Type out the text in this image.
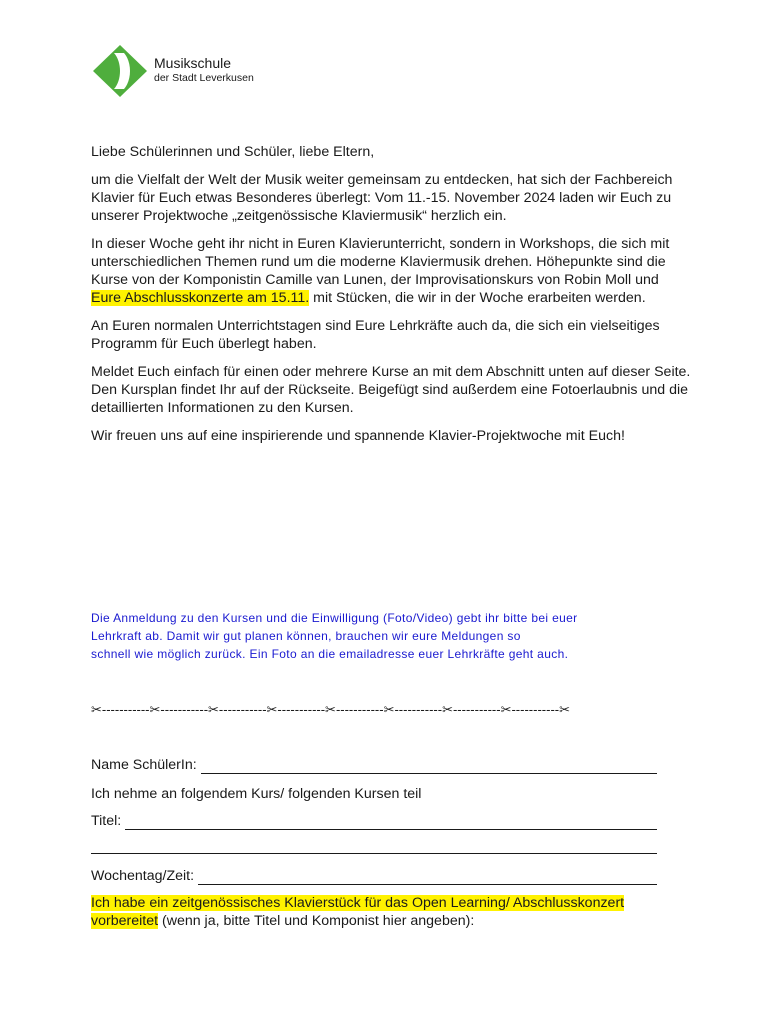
Musikschule
der Stadt Leverkusen

Liebe Schülerinnen und Schüler, liebe Eltern,

um die Vielfalt der Welt der Musik weiter gemeinsam zu entdecken, hat sich der Fachbereich Klavier für Euch etwas Besonderes überlegt: Vom 11.-15. November 2024 laden wir Euch zu unserer Projektwoche „zeitgenössische Klaviermusik“ herzlich ein.

In dieser Woche geht ihr nicht in Euren Klavierunterricht, sondern in Workshops, die sich mit unterschiedlichen Themen rund um die moderne Klaviermusik drehen. Höhepunkte sind die Kurse von der Komponistin Camille van Lunen, der Improvisationskurs von Robin Moll und Eure Abschlusskonzerte am 15.11. mit Stücken, die wir in der Woche erarbeiten werden.

An Euren normalen Unterrichtstagen sind Eure Lehrkräfte auch da, die sich ein vielseitiges Programm für Euch überlegt haben.

Meldet Euch einfach für einen oder mehrere Kurse an mit dem Abschnitt unten auf dieser Seite. Den Kursplan findet Ihr auf der Rückseite. Beigefügt sind außerdem eine Fotoerlaubnis und die detaillierten Informationen zu den Kursen.

Wir freuen uns auf eine inspirierende und spannende Klavier-Projektwoche mit Euch!

Die Anmeldung zu den Kursen und die Einwilligung (Foto/Video) gebt ihr bitte bei euer
Lehrkraft ab. Damit wir gut planen können, brauchen wir eure Meldungen so
schnell wie möglich zurück. Ein Foto an die emailadresse euer Lehrkräfte geht auch.
✂-----------✂-----------✂-----------✂-----------✂-----------✂-----------✂-----------✂-----------✂
Name SchülerIn:
Ich nehme an folgendem Kurs/ folgenden Kursen teil
Titel:
Wochentag/Zeit:
Ich habe ein zeitgenössisches Klavierstück für das Open Learning/ Abschlusskonzert vorbereitet (wenn ja, bitte Titel und Komponist hier angeben):
